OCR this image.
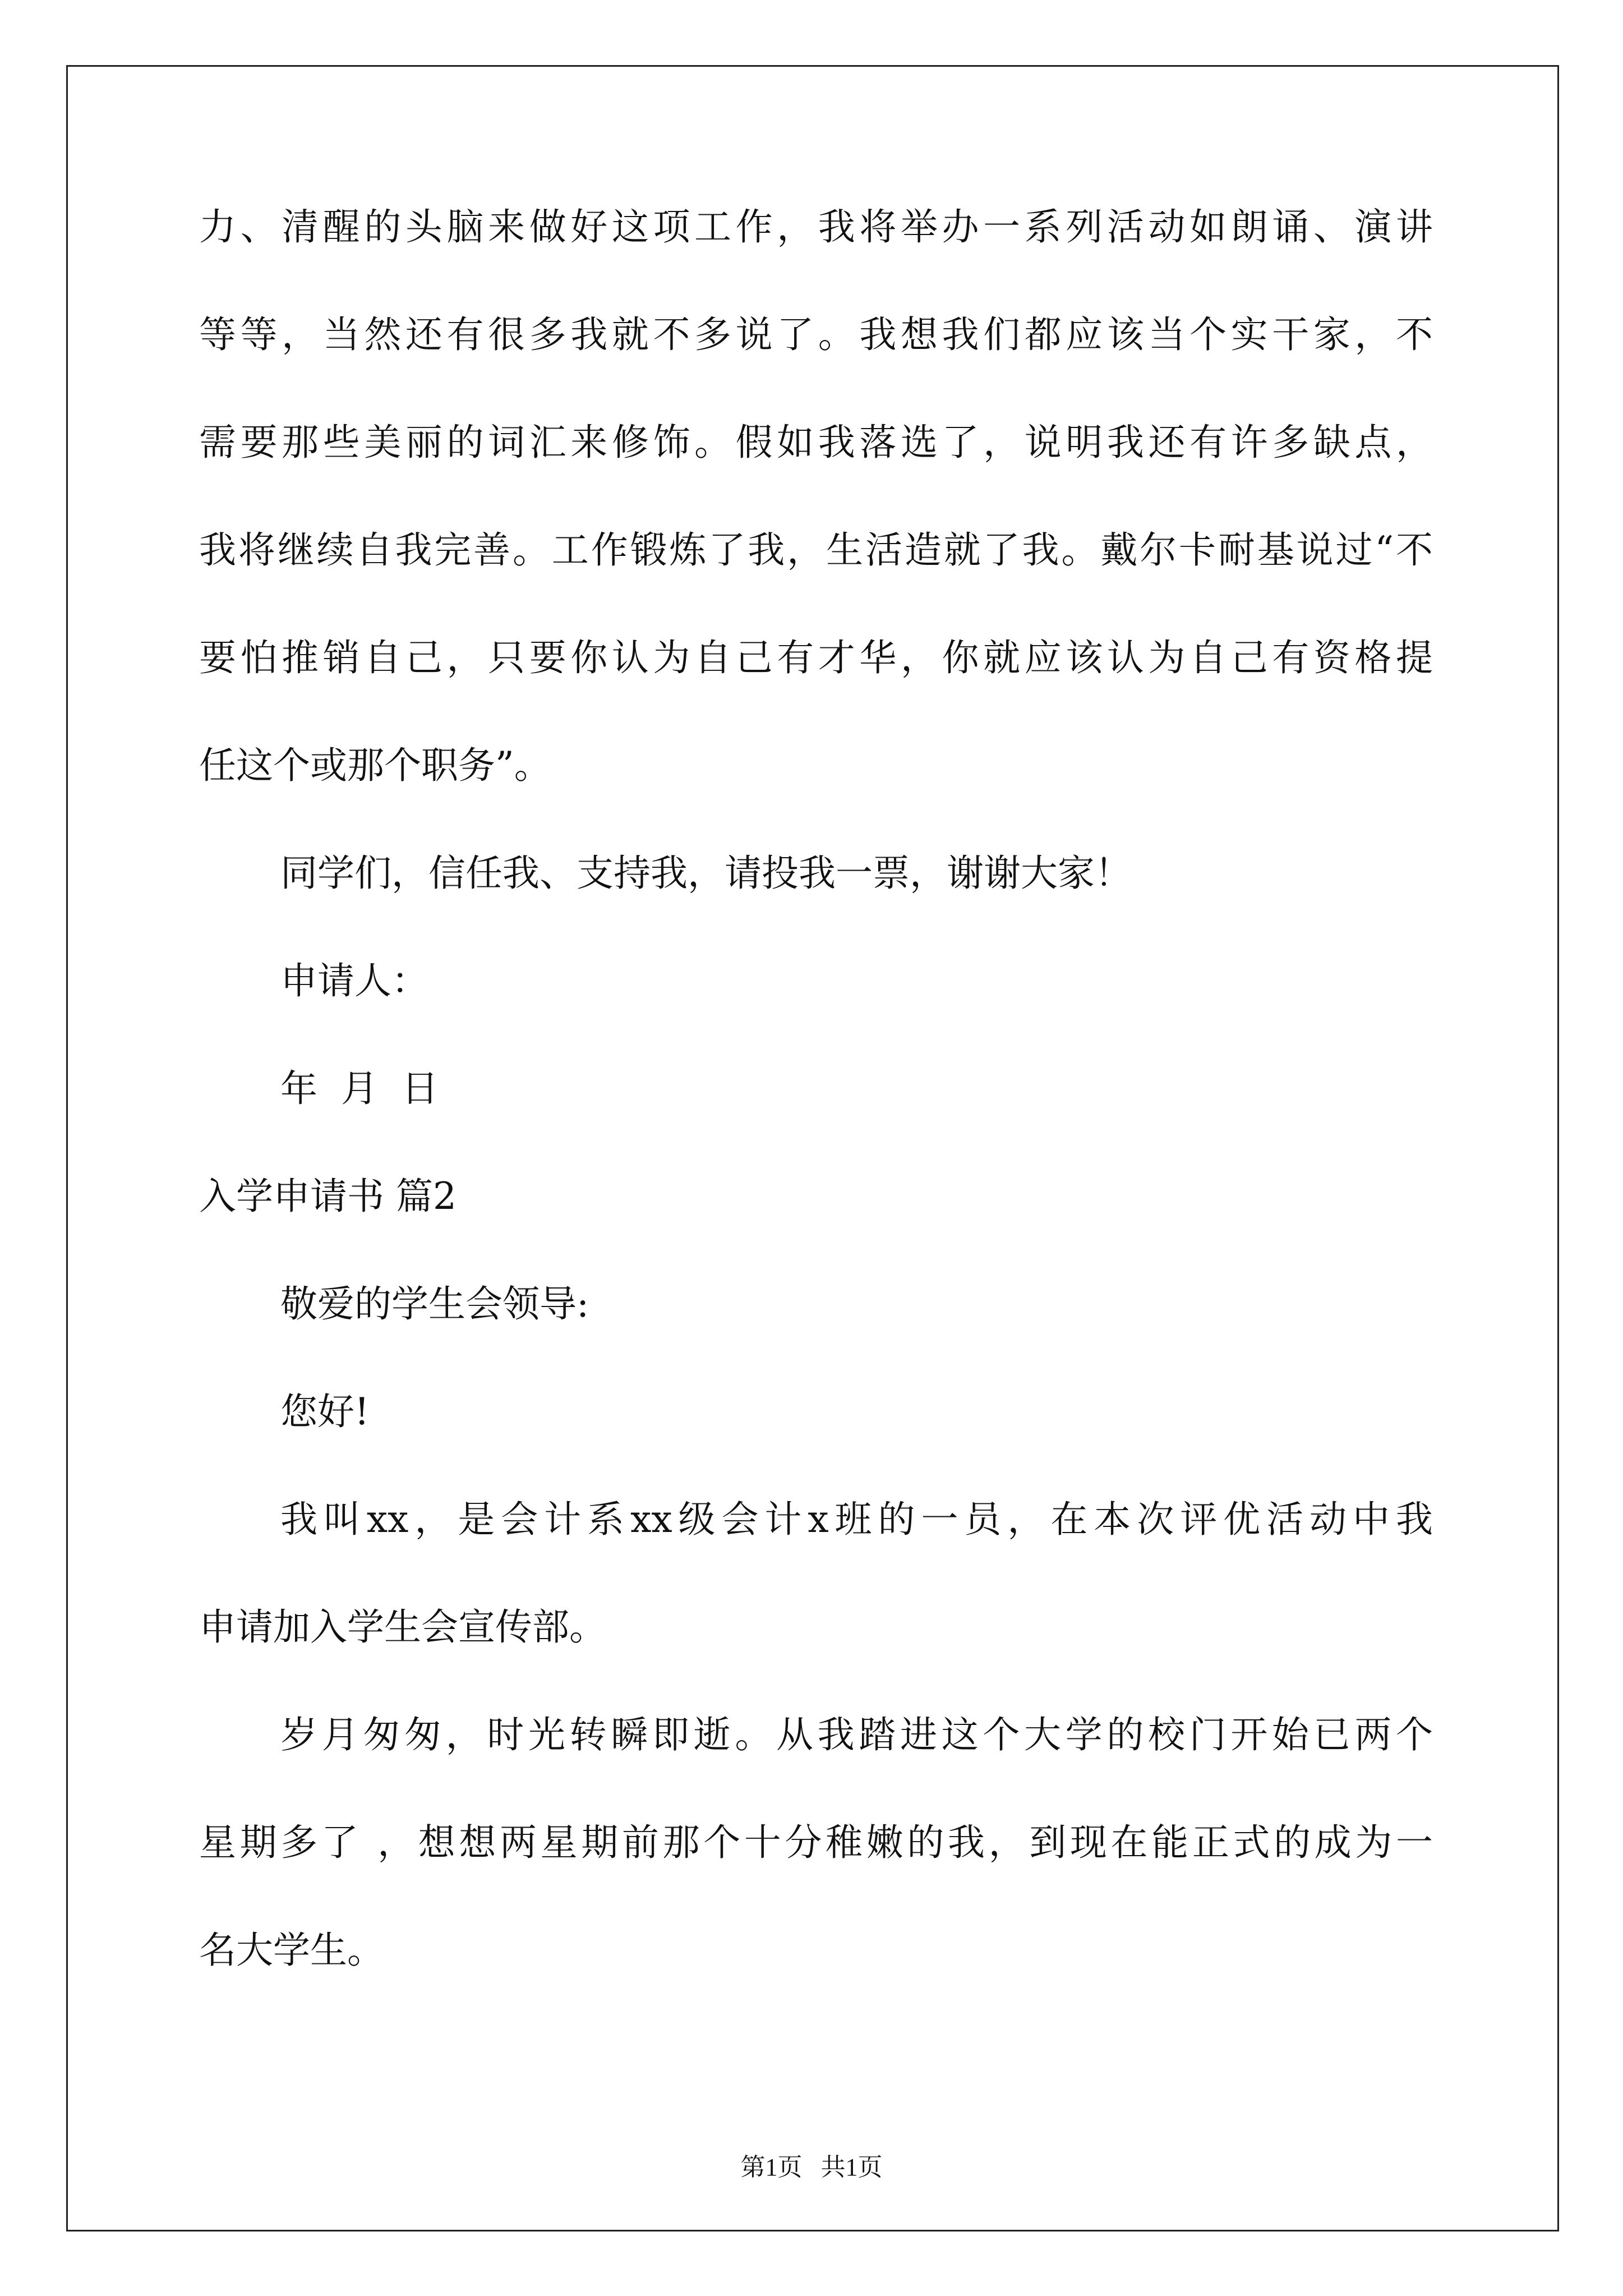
力、清醒的头脑来做好这项工作，我将举办一系列活动如朗诵、演讲
等等，当然还有很多我就不多说了。我想我们都应该当个实干家，不
需要那些美丽的词汇来修饰。假如我落选了，说明我还有许多缺点，
我将继续自我完善。工作锻炼了我，生活造就了我。戴尔卡耐基说过“不
要怕推销自己，只要你认为自己有才华，你就应该认为自己有资格提
任这个或那个职务”。
同学们，信任我、支持我，请投我一票，谢谢大家！
申请人：
年  月  日
入学申请书 篇2
敬爱的学生会领导:
您好!
我叫xx，是会计系xx级会计x班的一员，在本次评优活动中我
申请加入学生会宣传部。
岁月匆匆，时光转瞬即逝。从我踏进这个大学的校门开始已两个
星期多了 ，想想两星期前那个十分稚嫩的我，到现在能正式的成为一
名大学生。
第1页   共1页
